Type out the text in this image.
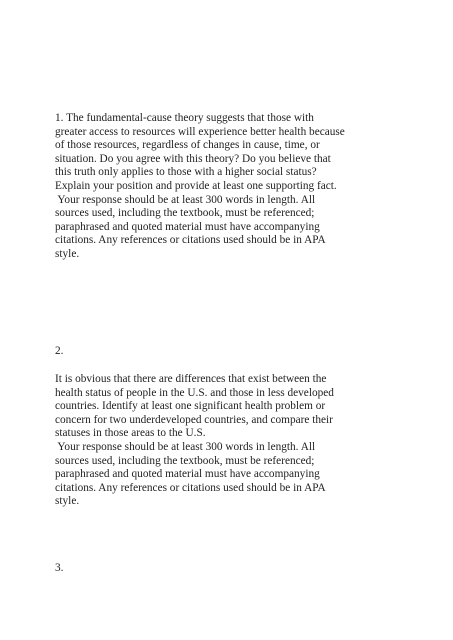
1. The fundamental-cause theory suggests that those with
greater access to resources will experience better health because
of those resources, regardless of changes in cause, time, or
situation. Do you agree with this theory? Do you believe that
this truth only applies to those with a higher social status?
Explain your position and provide at least one supporting fact.
Your response should be at least 300 words in length. All
sources used, including the textbook, must be referenced;
paraphrased and quoted material must have accompanying
citations. Any references or citations used should be in APA
style.
2.
It is obvious that there are differences that exist between the
health status of people in the U.S. and those in less developed
countries. Identify at least one significant health problem or
concern for two underdeveloped countries, and compare their
statuses in those areas to the U.S.
Your response should be at least 300 words in length. All
sources used, including the textbook, must be referenced;
paraphrased and quoted material must have accompanying
citations. Any references or citations used should be in APA
style.
3.
